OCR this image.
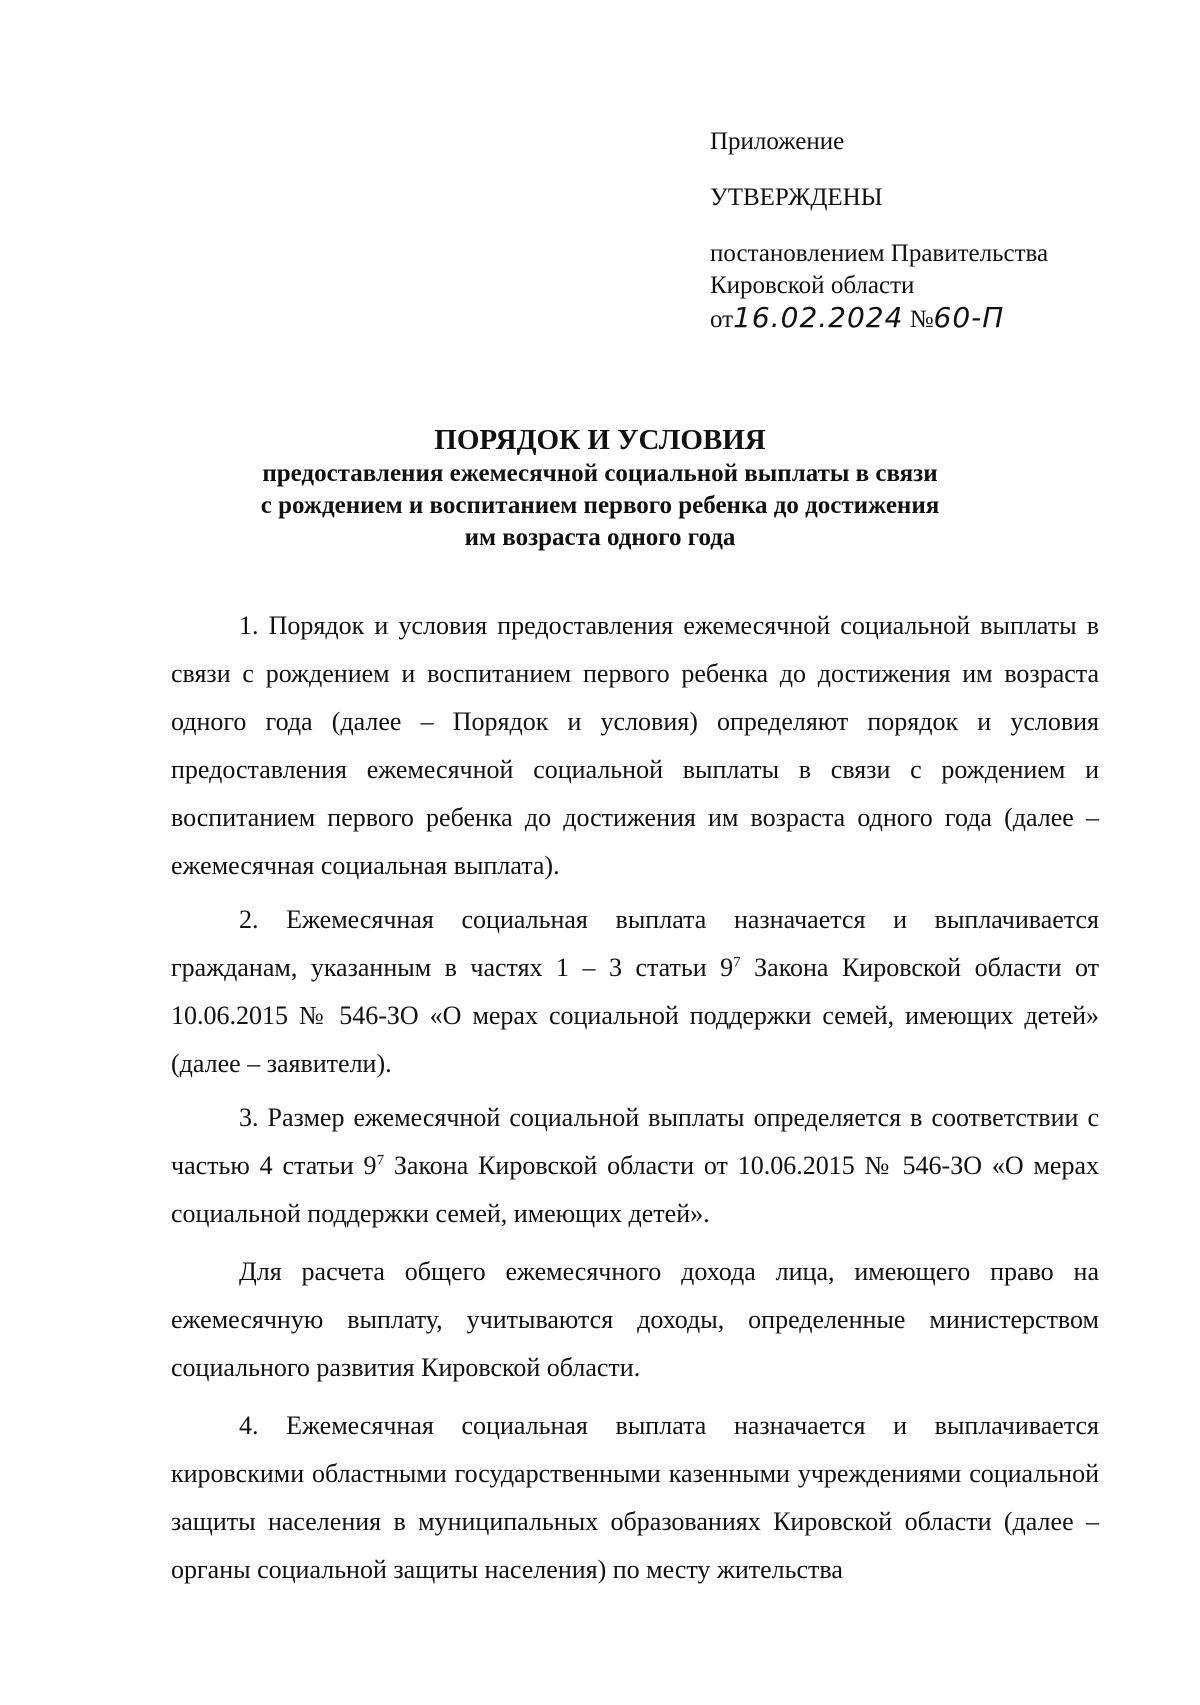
Приложение
УТВЕРЖДЕНЫ
постановлением Правительства
Кировской области
от16.02.2024 №60-П
ПОРЯДОК И УСЛОВИЯ
предоставления ежемесячной социальной выплаты в связи
с рождением и воспитанием первого ребенка до достижения
им возраста одного года

1. Порядок и условия предоставления ежемесячной социальной выплаты в связи с рождением и воспитанием первого ребенка до достижения им возраста одного года (далее – Порядок и условия) определяют порядок и условия предоставления ежемесячной социальной выплаты в связи с рождением и воспитанием первого ребенка до достижения им возраста одного года (далее – ежемесячная социальная выплата).

2. Ежемесячная социальная выплата назначается и выплачивается гражданам, указанным в частях 1 – 3 статьи $9^7$ Закона Кировской области от 10.06.2015 № 546-ЗО «О мерах социальной поддержки семей, имеющих детей» (далее – заявители).

3. Размер ежемесячной социальной выплаты определяется в соответствии с частью 4 статьи $9^7$ Закона Кировской области от 10.06.2015 № 546-ЗО «О мерах социальной поддержки семей, имеющих детей».

Для расчета общего ежемесячного дохода лица, имеющего право на ежемесячную выплату, учитываются доходы, определенные министерством социального развития Кировской области.

4. Ежемесячная социальная выплата назначается и выплачивается кировскими областными государственными казенными учреждениями социальной защиты населения в муниципальных образованиях Кировской области (далее – органы социальной защиты населения) по месту жительства
